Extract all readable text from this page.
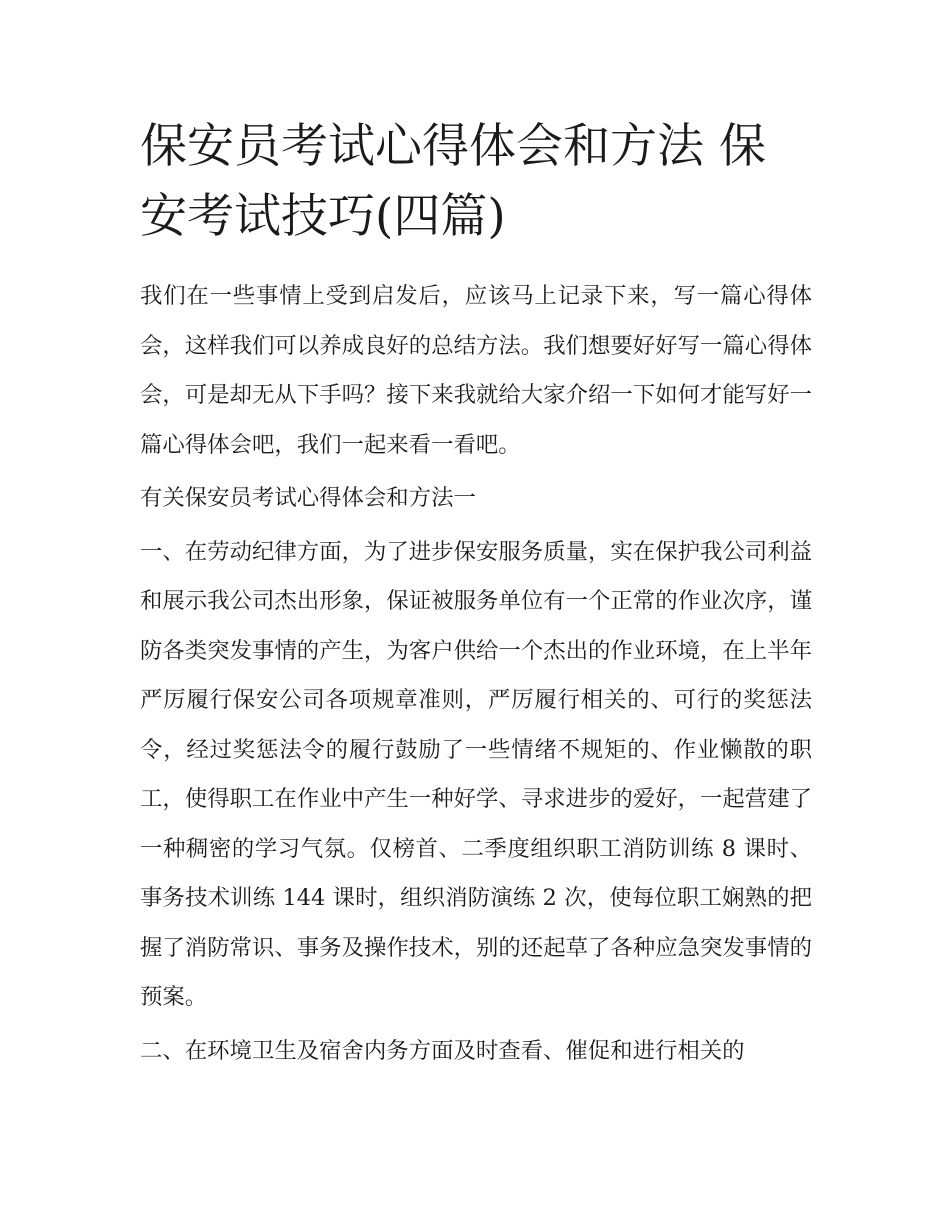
保安员考试心得体会和方法 保安考试技巧(四篇)

我们在一些事情上受到启发后，应该马上记录下来，写一篇心得体会，这样我们可以养成良好的总结方法。我们想要好好写一篇心得体会，可是却无从下手吗？接下来我就给大家介绍一下如何才能写好一篇心得体会吧，我们一起来看一看吧。

有关保安员考试心得体会和方法一

一、在劳动纪律方面，为了进步保安服务质量，实在保护我公司利益和展示我公司杰出形象，保证被服务单位有一个正常的作业次序，谨防各类突发事情的产生，为客户供给一个杰出的作业环境，在上半年严厉履行保安公司各项规章准则，严厉履行相关的、可行的奖惩法令，经过奖惩法令的履行鼓励了一些情绪不规矩的、作业懒散的职工，使得职工在作业中产生一种好学、寻求进步的爱好，一起营建了一种稠密的学习气氛。仅榜首、二季度组织职工消防训练 8 课时、事务技术训练 144 课时，组织消防演练 2 次，使每位职工娴熟的把握了消防常识、事务及操作技术，别的还起草了各种应急突发事情的预案。

二、在环境卫生及宿舍内务方面及时查看、催促和进行相关的
